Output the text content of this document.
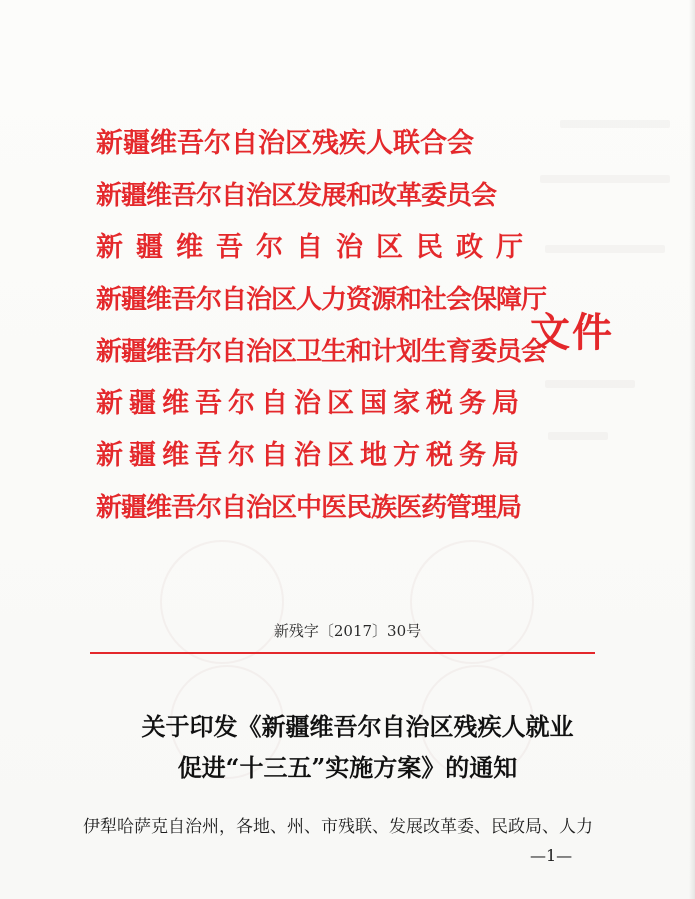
新疆维吾尔自治区残疾人联合会
新疆维吾尔自治区发展和改革委员会
新疆维吾尔自治区民政厅
新疆维吾尔自治区人力资源和社会保障厅
新疆维吾尔自治区卫生和计划生育委员会
新疆维吾尔自治区国家税务局
新疆维吾尔自治区地方税务局
新疆维吾尔自治区中医民族医药管理局
文件
新残字〔2017〕30号
关于印发《新疆维吾尔自治区残疾人就业
促进“十三五”实施方案》的通知
伊犁哈萨克自治州，各地、州、市残联、发展改革委、民政局、人力
—1—
